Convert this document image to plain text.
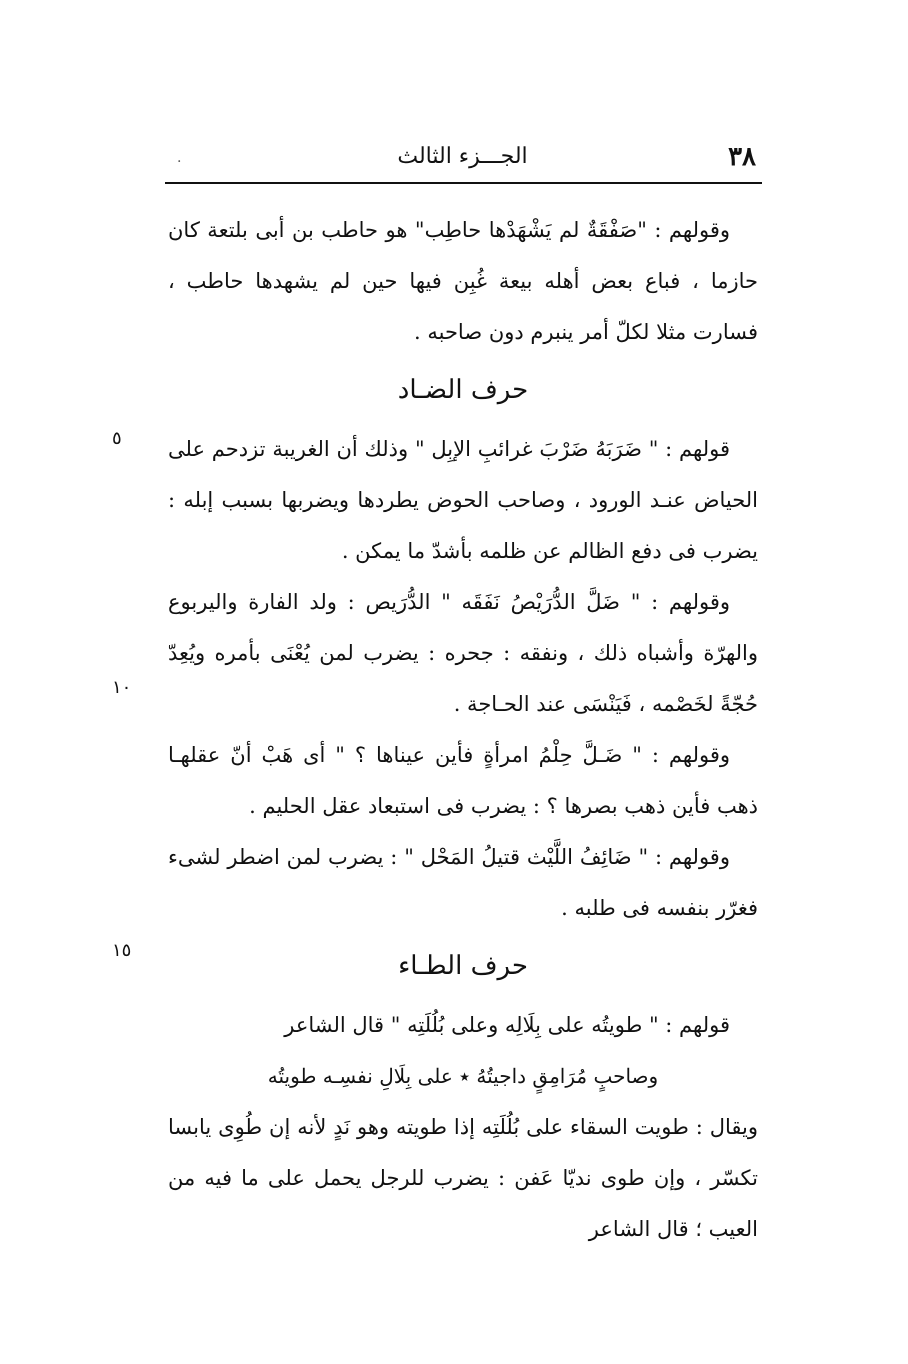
.	الجـــزء الثالث	٣٨
٥
١٠
١٥

وقولهم : "صَفْقَةٌ لم يَشْهَدْها حاطِب" هو حاطب بن أبى بلتعة كان حازما ، فباع بعض أهله بيعة غُبِن فيها حين لم يشهدها حاطب ، فسارت مثلا لكلّ أمر ينبرم دون صاحبه .

حرف الضـاد

قولهم : " ضَرَبَهُ ضَرْبَ غرائبِ الإبِل " وذلك أن الغريبة تزدحم على الحياض عنـد الورود ، وصاحب الحوض يطردها ويضربها بسبب إبله : يضرب فى دفع الظالم عن ظلمه بأشدّ ما يمكن .

وقولهم : " ضَلَّ الدُّرَيْصُ نَفَقَه " الدُّرَيص : ولد الفارة واليربوع والهرّة وأشباه ذلك ، ونفقه : جحره : يضرب لمن يُعْنَى بأمره ويُعِدّ حُجّةً لخَصْمه ، فَيَنْسَى عند الحـاجة .

وقولهم : " ضَـلَّ حِلْمُ امرأةٍ فأين عيناها ؟ " أى هَبْ أنّ عقلهـا ذهب فأين ذهب بصرها ؟ : يضرب فى استبعاد عقل الحليم .

وقولهم : " ضَائِفُ اللَّيْث قتيلُ المَحْل " : يضرب لمن اضطر لشىء فغرّر بنفسه فى طلبه .

حرف الطـاء

قولهم : " طويتُه على بِلَالِه وعلى بُلُلَتِه " قال الشاعر

وصاحبٍ مُرَامِقٍ داجيتُهُ ٭ على بِلَالِ نفسِـه طويتُه

ويقال : طويت السقاء على بُلُلَتِه إذا طويته وهو نَدٍ لأنه إن طُوِى يابسا تكسّر ، وإن طوى نديّا عَفن : يضرب للرجل يحمل على ما فيه من العيب ؛ قال الشاعر
